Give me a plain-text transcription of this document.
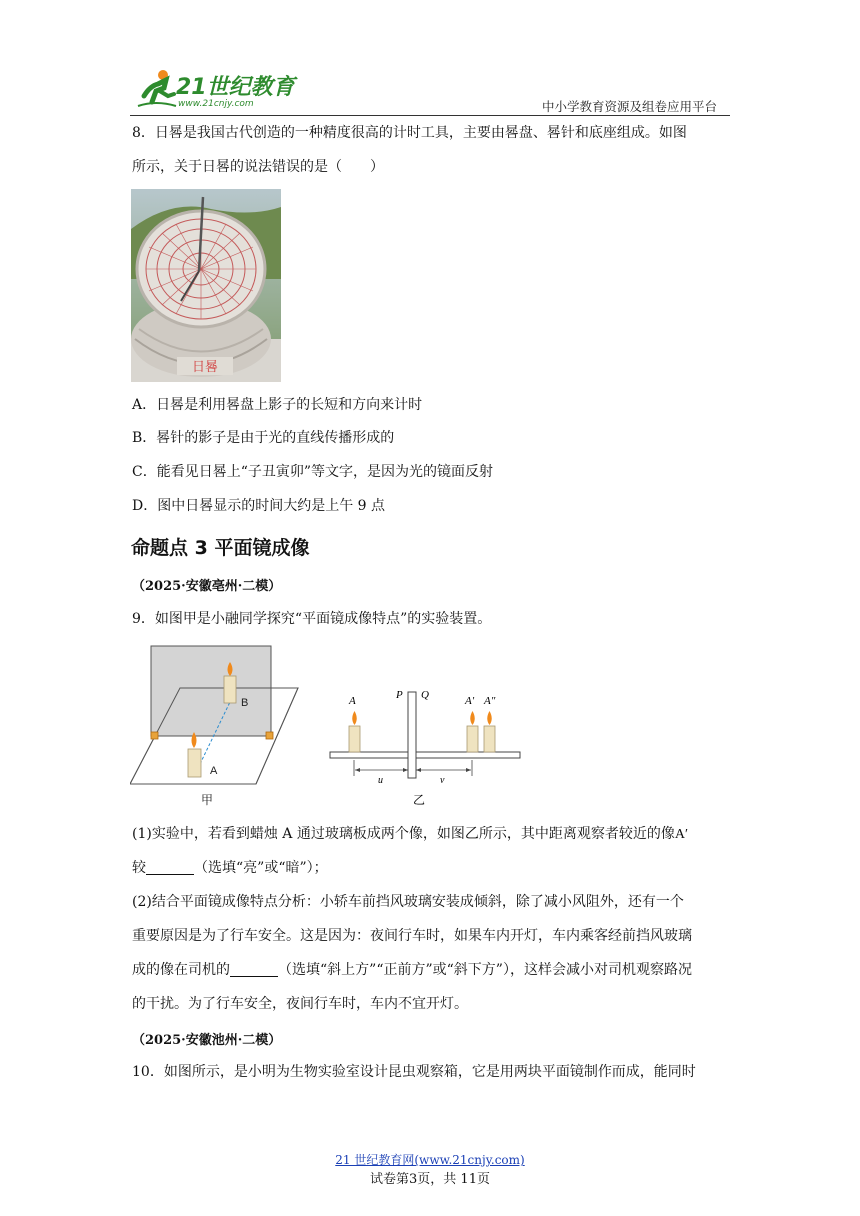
21世纪教育
www.21cnjy.com	中小学教育资源及组卷应用平台
8．日晷是我国古代创造的一种精度很高的计时工具，主要由晷盘、晷针和底座组成。如图
所示，关于日晷的说法错误的是（　　）
日晷
A．日晷是利用晷盘上影子的长短和方向来计时
B．晷针的影子是由于光的直线传播形成的
C．能看见日晷上“子丑寅卯”等文字，是因为光的镜面反射
D．图中日晷显示的时间大约是上午 9 点
命题点 3 平面镜成像
（2025·安徽亳州·二模）
9．如图甲是小融同学探究“平面镜成像特点”的实验装置。
B
A
甲
P Q
A	A′ A″
u	v
乙
(1)实验中，若看到蜡烛 A 通过玻璃板成两个像，如图乙所示，其中距离观察者较近的像A′
较	（选填“亮”或“暗”）；
(2)结合平面镜成像特点分析：小轿车前挡风玻璃安装成倾斜，除了减小风阻外，还有一个
重要原因是为了行车安全。这是因为：夜间行车时，如果车内开灯，车内乘客经前挡风玻璃
成的像在司机的	（选填“斜上方”“正前方”或“斜下方”），这样会减小对司机观察路况
的干扰。为了行车安全，夜间行车时，车内不宜开灯。
（2025·安徽池州·二模）
10．如图所示，是小明为生物实验室设计昆虫观察箱，它是用两块平面镜制作而成，能同时
21 世纪教育网(www.21cnjy.com)
试卷第3页，共 11页
